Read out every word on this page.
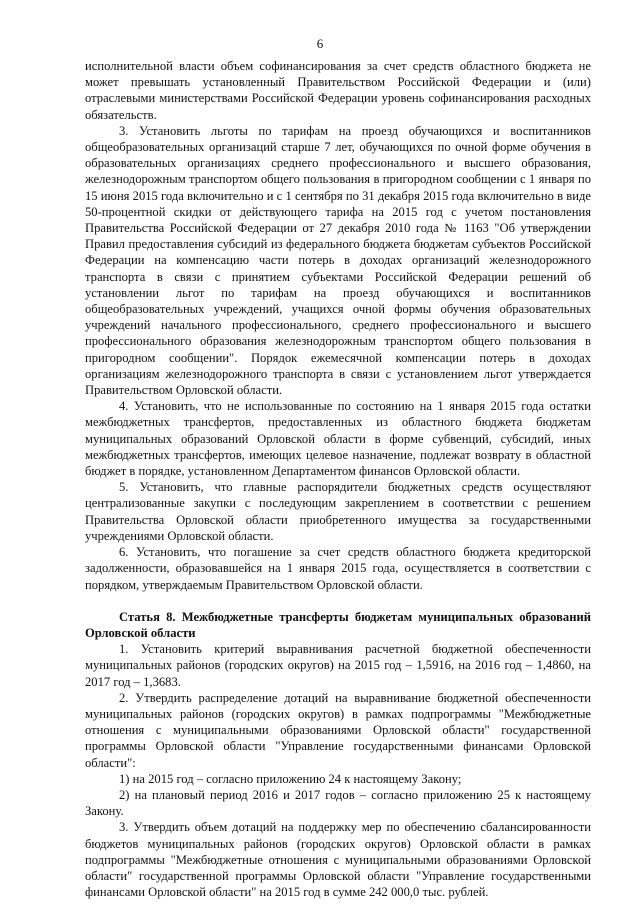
6

исполнительной власти объем софинансирования за счет средств областного бюджета не может превышать установленный Правительством Российской Федерации и (или) отраслевыми министерствами Российской Федерации уровень софинансирования расходных обязательств.

3. Установить льготы по тарифам на проезд обучающихся и воспитанников общеобразовательных организаций старше 7 лет, обучающихся по очной форме обучения в образовательных организациях среднего профессионального и высшего образования, железнодорожным транспортом общего пользования в пригородном сообщении с 1 января по 15 июня 2015 года включительно и с 1 сентября по 31 декабря 2015 года включительно в виде 50-процентной скидки от действующего тарифа на 2015 год с учетом постановления Правительства Российской Федерации от 27 декабря 2010 года № 1163 "Об утверждении Правил предоставления субсидий из федерального бюджета бюджетам субъектов Российской Федерации на компенсацию части потерь в доходах организаций железнодорожного транспорта в связи с принятием субъектами Российской Федерации решений об установлении льгот по тарифам на проезд обучающихся и воспитанников общеобразовательных учреждений, учащихся очной формы обучения образовательных учреждений начального профессионального, среднего профессионального и высшего профессионального образования железнодорожным транспортом общего пользования в пригородном сообщении". Порядок ежемесячной компенсации потерь в доходах организациям железнодорожного транспорта в связи с установлением льгот утверждается Правительством Орловской области.

4. Установить, что не использованные по состоянию на 1 января 2015 года остатки межбюджетных трансфертов, предоставленных из областного бюджета бюджетам муниципальных образований Орловской области в форме субвенций, субсидий, иных межбюджетных трансфертов, имеющих целевое назначение, подлежат возврату в областной бюджет в порядке, установленном Департаментом финансов Орловской области.

5. Установить, что главные распорядители бюджетных средств осуществляют централизованные закупки с последующим закреплением в соответствии с решением Правительства Орловской области приобретенного имущества за государственными учреждениями Орловской области.

6. Установить, что погашение за счет средств областного бюджета кредиторской задолженности, образовавшейся на 1 января 2015 года, осуществляется в соответствии с порядком, утверждаемым Правительством Орловской области.

Статья 8. Межбюджетные трансферты бюджетам муниципальных образований Орловской области

1. Установить критерий выравнивания расчетной бюджетной обеспеченности муниципальных районов (городских округов) на 2015 год – 1,5916, на 2016 год – 1,4860, на 2017 год – 1,3683.

2. Утвердить распределение дотаций на выравнивание бюджетной обеспеченности муниципальных районов (городских округов) в рамках подпрограммы "Межбюджетные отношения с муниципальными образованиями Орловской области" государственной программы Орловской области "Управление государственными финансами Орловской области":

1) на 2015 год – согласно приложению 24 к настоящему Закону;

2) на плановый период 2016 и 2017 годов – согласно приложению 25 к настоящему Закону.

3. Утвердить объем дотаций на поддержку мер по обеспечению сбалансированности бюджетов муниципальных районов (городских округов) Орловской области в рамках подпрограммы "Межбюджетные отношения с муниципальными образованиями Орловской области" государственной программы Орловской области "Управление государственными финансами Орловской области" на 2015 год в сумме 242 000,0 тыс. рублей.
